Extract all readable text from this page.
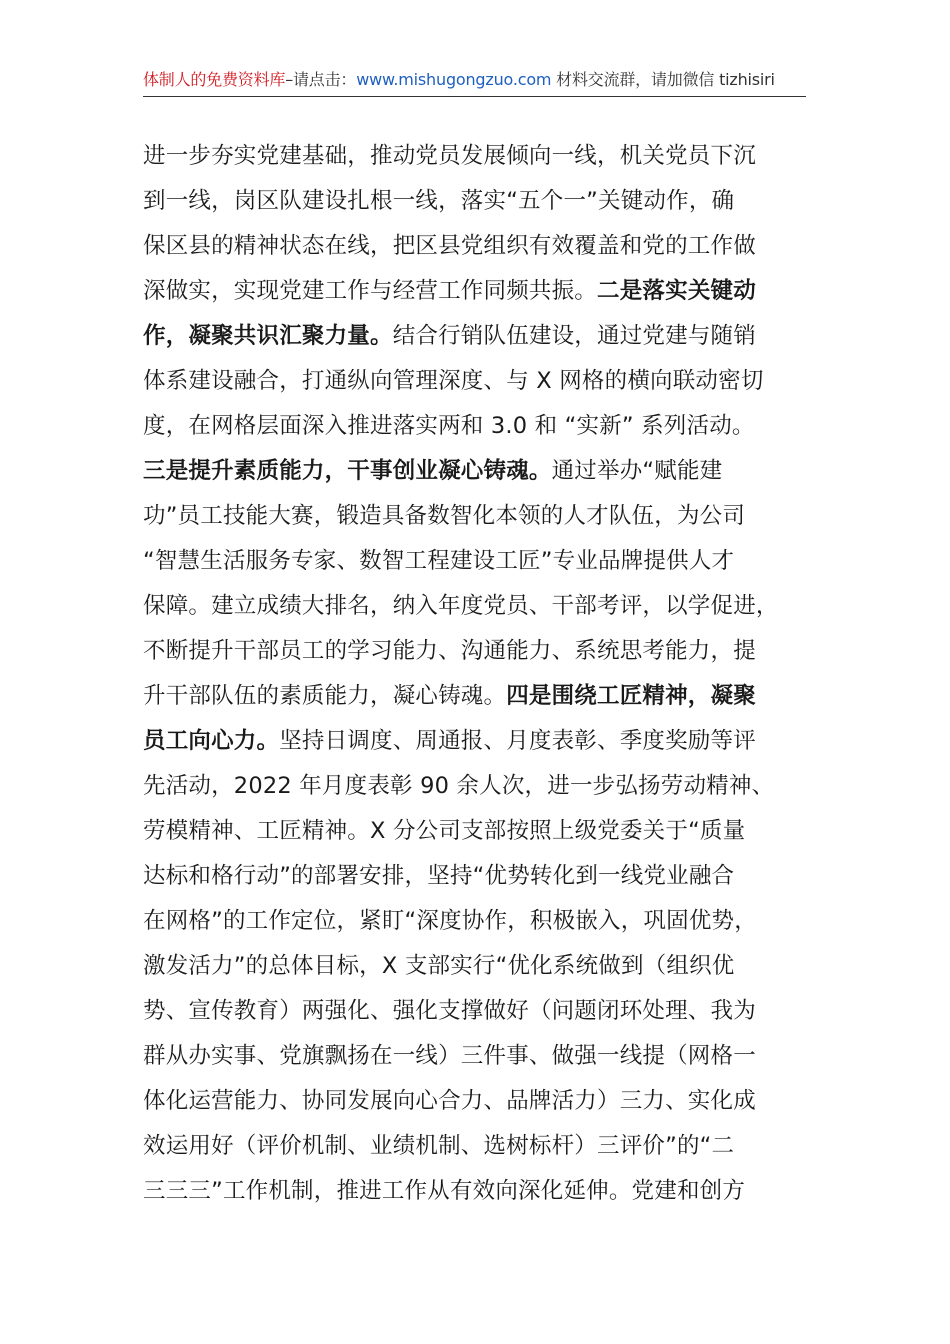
体制人的免费资料库–请点击：www.mishugongzuo.com 材料交流群，请加微信 tizhisiri
进一步夯实党建基础，推动党员发展倾向一线，机关党员下沉
到一线，岗区队建设扎根一线，落实“五个一”关键动作，确
保区县的精神状态在线，把区县党组织有效覆盖和党的工作做
深做实，实现党建工作与经营工作同频共振。二是落实关键动
作，凝聚共识汇聚力量。结合行销队伍建设，通过党建与随销
体系建设融合，打通纵向管理深度、与 X 网格的横向联动密切
度，在网格层面深入推进落实两和 3.0 和 “实新” 系列活动。
三是提升素质能力，干事创业凝心铸魂。通过举办“赋能建
功”员工技能大赛，锻造具备数智化本领的人才队伍，为公司
“智慧生活服务专家、数智工程建设工匠”专业品牌提供人才
保障。建立成绩大排名，纳入年度党员、干部考评，以学促进，
不断提升干部员工的学习能力、沟通能力、系统思考能力，提
升干部队伍的素质能力，凝心铸魂。四是围绕工匠精神，凝聚
员工向心力。坚持日调度、周通报、月度表彰、季度奖励等评
先活动，2022 年月度表彰 90 余人次，进一步弘扬劳动精神、
劳模精神、工匠精神。X 分公司支部按照上级党委关于“质量
达标和格行动”的部署安排，坚持“优势转化到一线党业融合
在网格”的工作定位，紧盯“深度协作，积极嵌入，巩固优势，
激发活力”的总体目标，X 支部实行“优化系统做到（组织优
势、宣传教育）两强化、强化支撑做好（问题闭环处理、我为
群从办实事、党旗飘扬在一线）三件事、做强一线提（网格一
体化运营能力、协同发展向心合力、品牌活力）三力、实化成
效运用好（评价机制、业绩机制、选树标杆）三评价”的“二
三三三”工作机制，推进工作从有效向深化延伸。党建和创方
